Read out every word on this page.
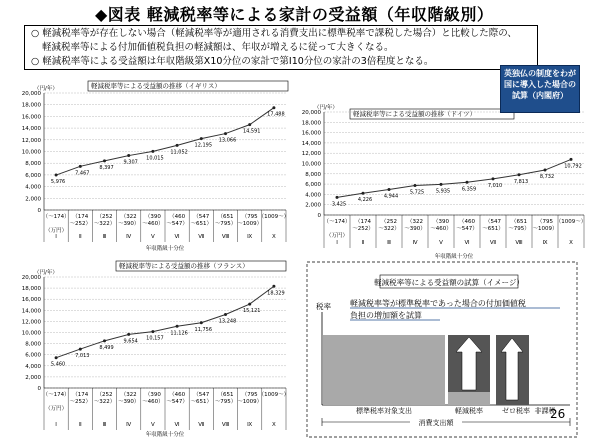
◆図表 軽減税率等による家計の受益額（年収階級別）
○ 軽減税率等が存在しない場合（軽減税率等が適用される消費支出に標準税率で課税した場合）と比較した際の、
軽減税率等による付加価値税負担の軽減額は、年収が増えるに従って大きくなる。
○ 軽減税率等による受益額は年収階級第Ⅹ10分位の家計で第Ⅰ10分位の家計の3倍程度となる。
軽減税率等による受益額の推移（イギリス）
（円/年）
0
2,000
4,000
6,000
8,000
10,000
12,000
14,000
16,000
18,000
20,000
（～174）
Ⅰ
（174
～252）
Ⅱ
（252
～322）
Ⅲ
（322
～390）
Ⅳ
（390
～460）
Ⅴ
（460
～547）
Ⅵ
（547
～651）
Ⅶ
（651
～795）
Ⅷ
（795
～1009）
Ⅸ
（1009～）
Ⅹ
（万円）
年収階級十分位
5,976
7,467
8,397
9,307
10,015
11,052
12,195
13,066
14,591
17,488	軽減税率等による受益額の推移（ドイツ）
（円/年）
0
2,000
4,000
6,000
8,000
10,000
12,000
14,000
16,000
18,000
20,000
（～174）
Ⅰ
（174
～252）
Ⅱ
（252
～322）
Ⅲ
（322
～390）
Ⅳ
（390
～460）
Ⅴ
（460
～547）
Ⅵ
（547
～651）
Ⅶ
（651
～795）
Ⅷ
（795
～1009）
Ⅸ
（1009～）
Ⅹ
（万円）
年収階級十分位
3,425
4,226
4,944
5,725 5,935 6,359
7,010
7,813
8,732
10,792
軽減税率等による受益額の推移（フランス）
（円/年）
0
2,000
4,000
6,000
8,000
10,000
12,000
14,000
16,000
18,000
20,000
（～174）
Ⅰ
（174
～252）
Ⅱ
（252
～322）
Ⅲ
（322
～390）
Ⅳ
（390
～460）
Ⅴ
（460
～547）
Ⅵ
（547
～651）
Ⅶ
（651
～795）
Ⅷ
（795
～1009）
Ⅸ
（1009～）
Ⅹ
（万円）
年収階級十分位
5,460
7,013
8,499
9,654 10,157
11,126
11,756
13,248
15,121
18,329
軽減税率等による受益額の試算（イメージ）
税率 軽減税率等が標準税率であった場合の付加価値税
負担の増加額を試算
標準税率対象支出	軽減税率	ゼロ税率 非課税
消費支出額
英独仏の制度をわが
国に導入した場合の
試算（内閣府）
26
